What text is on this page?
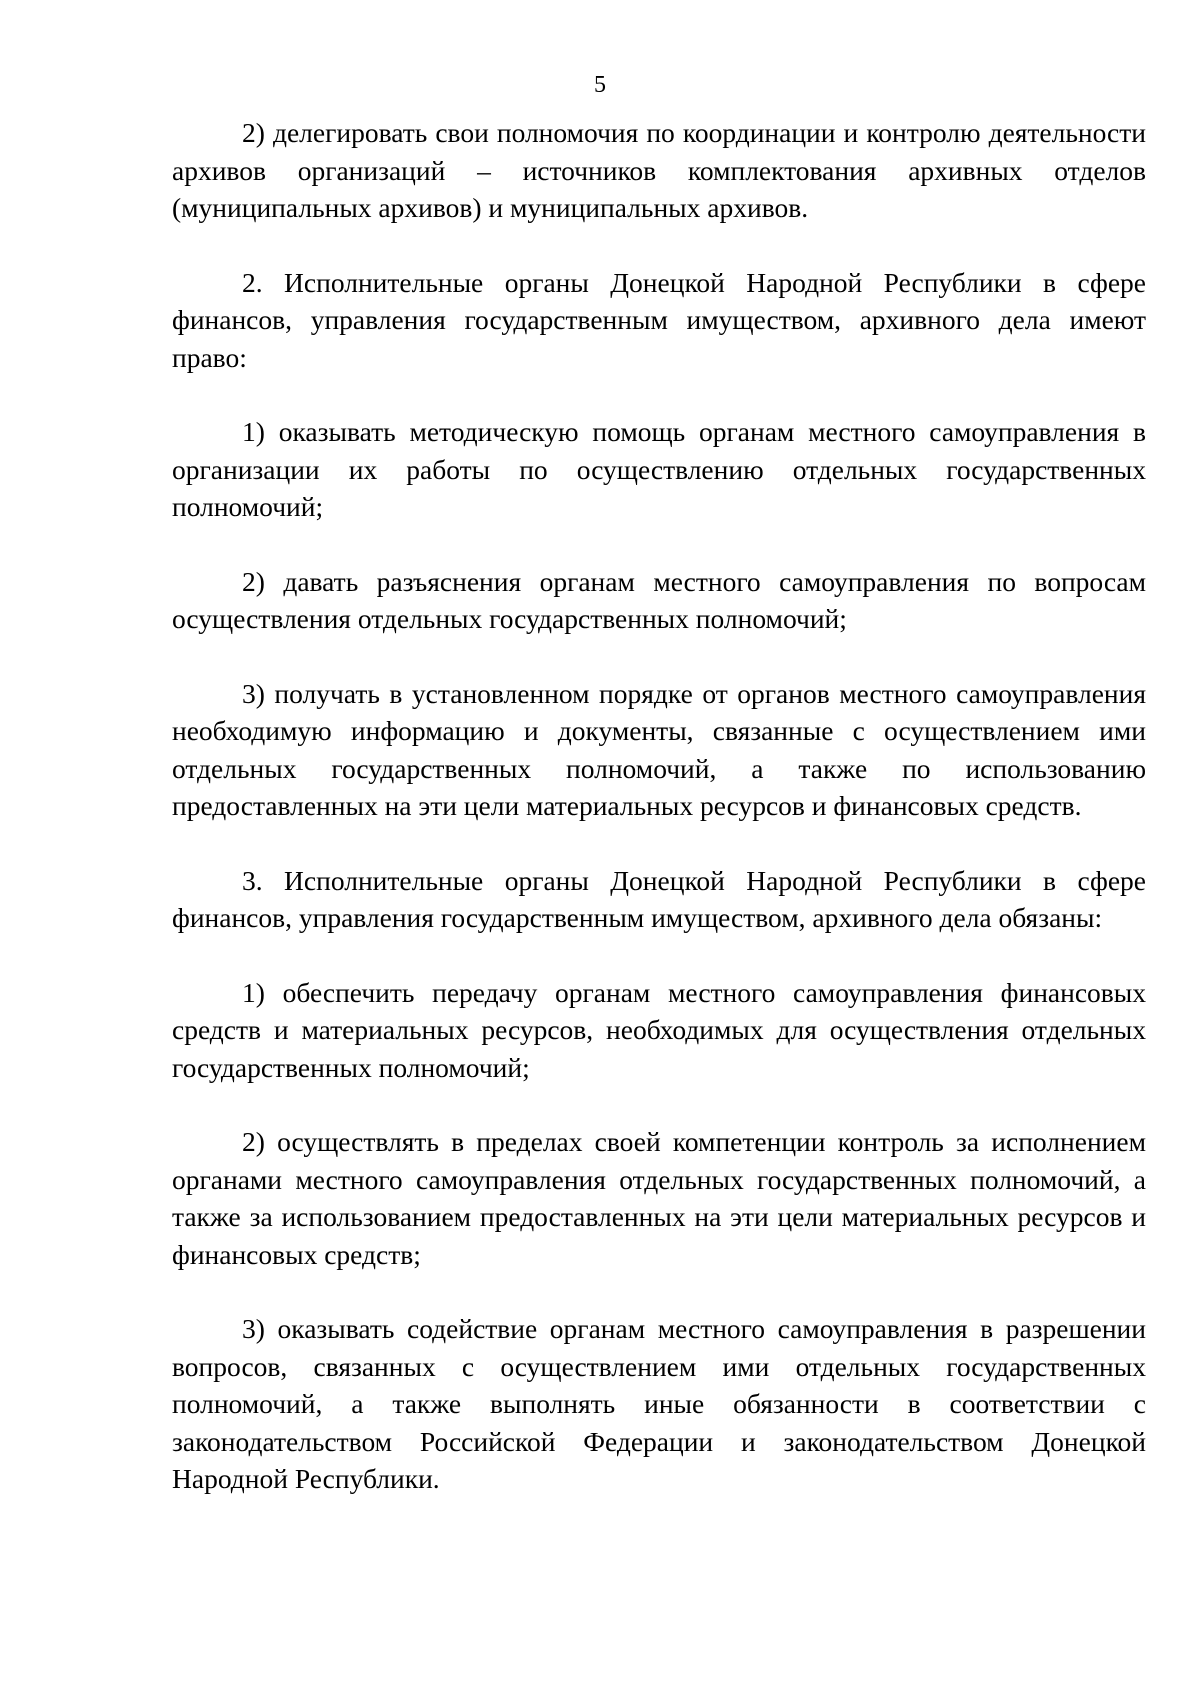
5

2) делегировать свои полномочия по координации и контролю деятельности архивов организаций – источников комплектования архивных отделов (муниципальных архивов) и муниципальных архивов.

2. Исполнительные органы Донецкой Народной Республики в сфере финансов, управления государственным имуществом, архивного дела имеют право:

1) оказывать методическую помощь органам местного самоуправления в организации их работы по осуществлению отдельных государственных полномочий;

2) давать разъяснения органам местного самоуправления по вопросам осуществления отдельных государственных полномочий;

3) получать в установленном порядке от органов местного самоуправления необходимую информацию и документы, связанные с осуществлением ими отдельных государственных полномочий, а также по использованию предоставленных на эти цели материальных ресурсов и финансовых средств.

3. Исполнительные органы Донецкой Народной Республики в сфере финансов, управления государственным имуществом, архивного дела обязаны:

1) обеспечить передачу органам местного самоуправления финансовых средств и материальных ресурсов, необходимых для осуществления отдельных государственных полномочий;

2) осуществлять в пределах своей компетенции контроль за исполнением органами местного самоуправления отдельных государственных полномочий, а также за использованием предоставленных на эти цели материальных ресурсов и финансовых средств;

3) оказывать содействие органам местного самоуправления в разрешении вопросов, связанных с осуществлением ими отдельных государственных полномочий, а также выполнять иные обязанности в соответствии с законодательством Российской Федерации и законодательством Донецкой Народной Республики.
